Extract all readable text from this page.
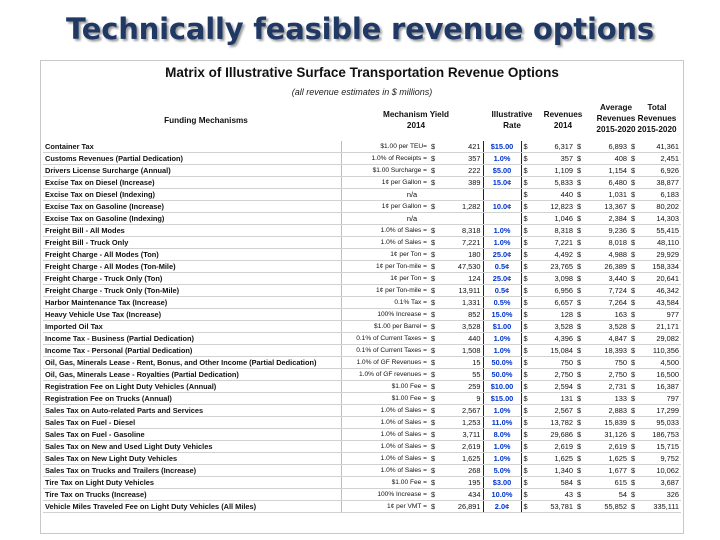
Technically feasible revenue options
Matrix of Illustrative Surface Transportation Revenue Options
(all revenue estimates in $ millions)
Funding Mechanisms
Mechanism Yield
2014
Illustrative
Rate
Revenues
2014
Average
Revenues
2015-2020
Total
Revenues
2015-2020
Container Tax	$1.00 per TEU=	$	421	$15.00	$	6,317	$	6,893	$	41,361
Customs Revenues (Partial Dedication)	1.0% of Receipts =	$	357	1.0%	$	357	$	408	$	2,451
Drivers License Surcharge (Annual)	$1.00 Surcharge =	$	222	$5.00	$	1,109	$	1,154	$	6,926
Excise Tax on Diesel (Increase)	1¢ per Gallon =	$	389	15.0¢	$	5,833	$	6,480	$	38,877
Excise Tax on Diesel (Indexing)	n/a				$	440	$	1,031	$	6,183
Excise Tax on Gasoline (Increase)	1¢ per Gallon =	$	1,282	10.0¢	$	12,823	$	13,367	$	80,202
Excise Tax on Gasoline (Indexing)	n/a				$	1,046	$	2,384	$	14,303
Freight Bill - All Modes	1.0% of Sales =	$	8,318	1.0%	$	8,318	$	9,236	$	55,415
Freight Bill - Truck Only	1.0% of Sales =	$	7,221	1.0%	$	7,221	$	8,018	$	48,110
Freight Charge - All Modes (Ton)	1¢ per Ton =	$	180	25.0¢	$	4,492	$	4,988	$	29,929
Freight Charge - All Modes (Ton-Mile)	1¢ per Ton-mile =	$	47,530	0.5¢	$	23,765	$	26,389	$	158,334
Freight Charge - Truck Only (Ton)	1¢ per Ton =	$	124	25.0¢	$	3,098	$	3,440	$	20,641
Freight Charge - Truck Only (Ton-Mile)	1¢ per Ton-mile =	$	13,911	0.5¢	$	6,956	$	7,724	$	46,342
Harbor Maintenance Tax (Increase)	0.1% Tax =	$	1,331	0.5%	$	6,657	$	7,264	$	43,584
Heavy Vehicle Use Tax (Increase)	100% Increase =	$	852	15.0%	$	128	$	163	$	977
Imported Oil Tax	$1.00 per Barrel =	$	3,528	$1.00	$	3,528	$	3,528	$	21,171
Income Tax - Business (Partial Dedication)	0.1% of Current Taxes =	$	440	1.0%	$	4,396	$	4,847	$	29,082
Income Tax - Personal (Partial Dedication)	0.1% of Current Taxes =	$	1,508	1.0%	$	15,084	$	18,393	$	110,356
Oil, Gas, Minerals Lease - Rent, Bonus, and Other Income (Partial Dedication)	1.0% of GF Revenues =	$	15	50.0%	$	750	$	750	$	4,500
Oil, Gas, Minerals Lease - Royalties (Partial Dedication)	1.0% of GF revenues =	$	55	50.0%	$	2,750	$	2,750	$	16,500
Registration Fee on Light Duty Vehicles (Annual)	$1.00 Fee =	$	259	$10.00	$	2,594	$	2,731	$	16,387
Registration Fee on Trucks (Annual)	$1.00 Fee =	$	9	$15.00	$	131	$	133	$	797
Sales Tax on Auto-related Parts and Services	1.0% of Sales =	$	2,567	1.0%	$	2,567	$	2,883	$	17,299
Sales Tax on Fuel - Diesel	1.0% of Sales =	$	1,253	11.0%	$	13,782	$	15,839	$	95,033
Sales Tax on Fuel - Gasoline	1.0% of Sales =	$	3,711	8.0%	$	29,686	$	31,126	$	186,753
Sales Tax on New and Used Light Duty Vehicles	1.0% of Sales =	$	2,619	1.0%	$	2,619	$	2,619	$	15,715
Sales Tax on New Light Duty Vehicles	1.0% of Sales =	$	1,625	1.0%	$	1,625	$	1,625	$	9,752
Sales Tax on Trucks and Trailers (Increase)	1.0% of Sales =	$	268	5.0%	$	1,340	$	1,677	$	10,062
Tire Tax on Light Duty Vehicles	$1.00 Fee =	$	195	$3.00	$	584	$	615	$	3,687
Tire Tax on Trucks (Increase)	100% Increase =	$	434	10.0%	$	43	$	54	$	326
Vehicle Miles Traveled Fee on Light Duty Vehicles (All Miles)	1¢ per VMT =	$	26,891	2.0¢	$	53,781	$	55,852	$	335,111
